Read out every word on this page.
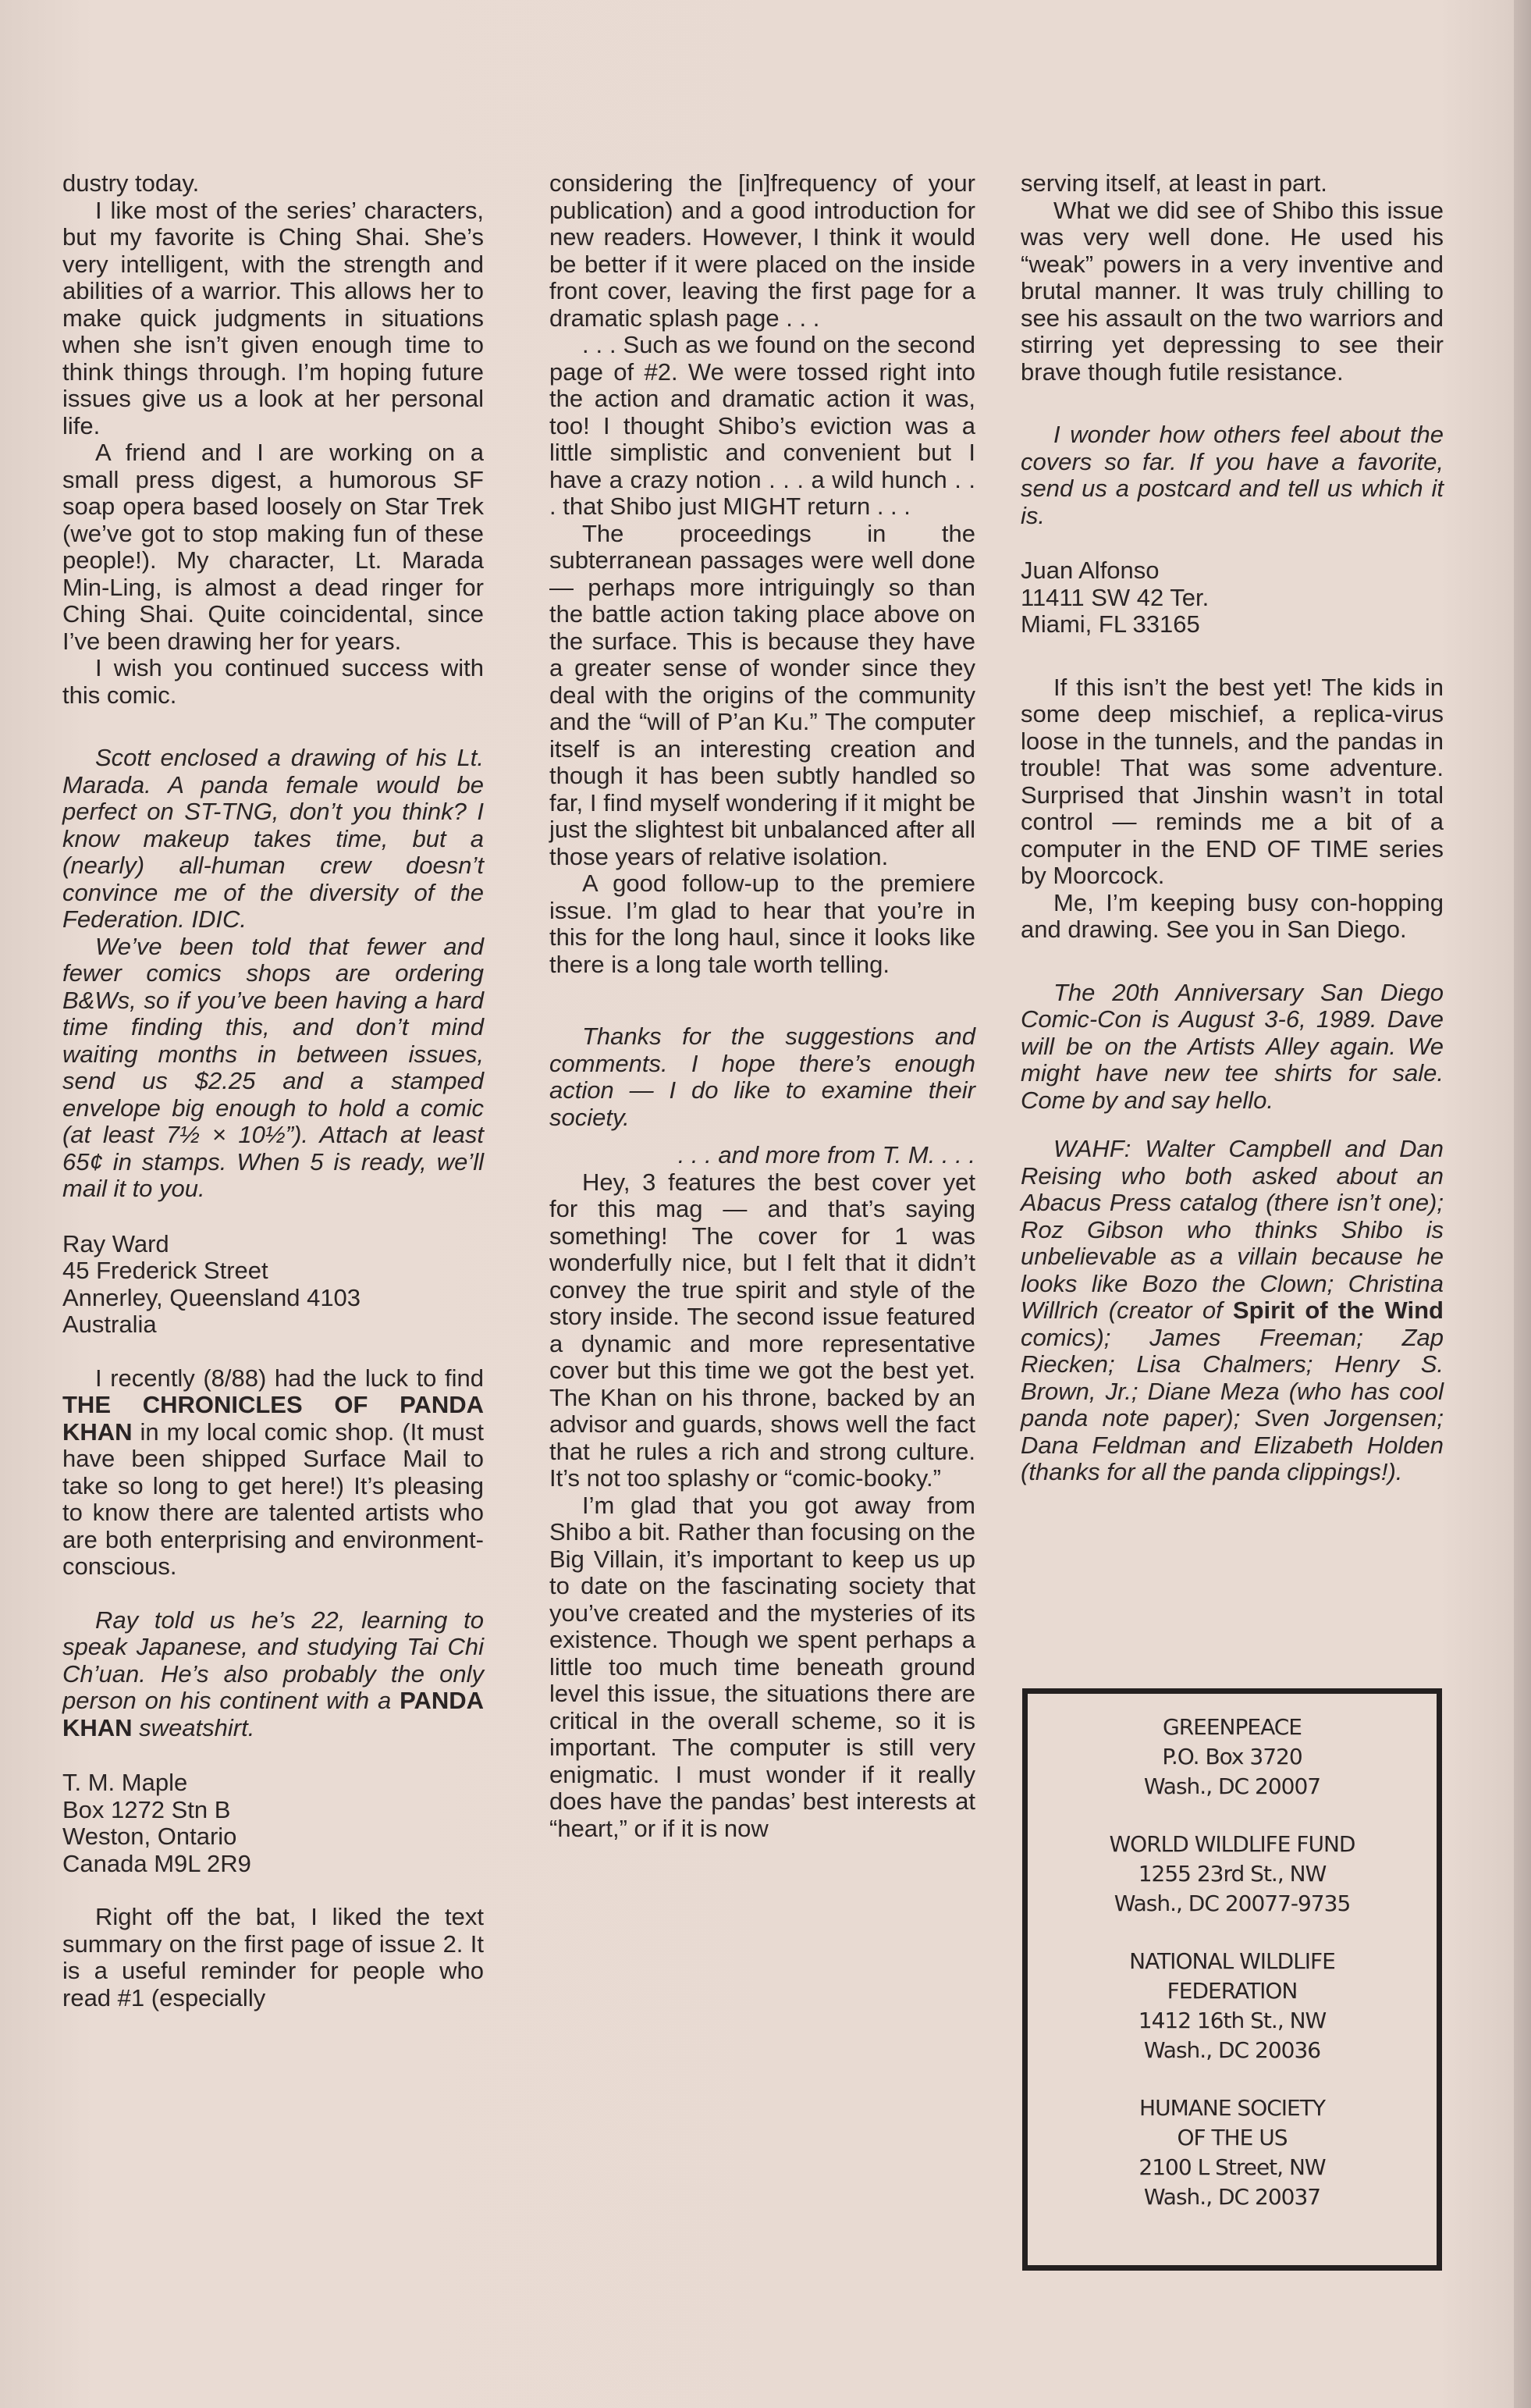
dustry today.

I like most of the series’ characters, but my favorite is Ching Shai. She’s very intelligent, with the strength and abilities of a warrior. This allows her to make quick judgments in situations when she isn’t given enough time to think things through. I’m hoping future issues give us a look at her personal life.

A friend and I are working on a small press digest, a humorous SF soap opera based loosely on Star Trek (we’ve got to stop making fun of these people!). My character, Lt. Marada Min-Ling, is almost a dead ringer for Ching Shai. Quite coincidental, since I’ve been drawing her for years.

I wish you continued success with this comic.

Scott enclosed a drawing of his Lt. Marada. A panda female would be perfect on ST-TNG, don’t you think? I know makeup takes time, but a (nearly) all-human crew doesn’t convince me of the diversity of the Federation. IDIC.

We’ve been told that fewer and fewer comics shops are ordering B&Ws, so if you’ve been having a hard time finding this, and don’t mind waiting months in between issues, send us $2.25 and a stamped envelope big enough to hold a comic (at least 7½ × 10½”). Attach at least 65¢ in stamps. When 5 is ready, we’ll mail it to you.

Ray Ward

45 Frederick Street

Annerley, Queensland 4103

Australia

I recently (8/88) had the luck to find THE CHRONICLES OF PANDA KHAN in my local comic shop. (It must have been shipped Surface Mail to take so long to get here!) It’s pleasing to know there are talented artists who are both enterprising and environment-conscious.

Ray told us he’s 22, learning to speak Japanese, and studying Tai Chi Ch’uan. He’s also probably the only person on his continent with a PANDA KHAN sweatshirt.

T. M. Maple

Box 1272 Stn B

Weston, Ontario

Canada M9L 2R9

Right off the bat, I liked the text summary on the first page of issue 2. It is a useful reminder for people who read #1 (especially

considering the [in]frequency of your publication) and a good introduction for new readers. However, I think it would be better if it were placed on the inside front cover, leaving the first page for a dramatic splash page . . .

. . . Such as we found on the second page of #2. We were tossed right into the action and dramatic action it was, too! I thought Shibo’s eviction was a little simplistic and convenient but I have a crazy notion . . . a wild hunch . . . that Shibo just MIGHT return . . .

The proceedings in the subterranean passages were well done — perhaps more intriguingly so than the battle action taking place above on the surface. This is because they have a greater sense of wonder since they deal with the origins of the community and the “will of P’an Ku.” The computer itself is an interesting creation and though it has been subtly handled so far, I find myself wondering if it might be just the slightest bit unbalanced after all those years of relative isolation.

A good follow-up to the premiere issue. I’m glad to hear that you’re in this for the long haul, since it looks like there is a long tale worth telling.

Thanks for the suggestions and comments. I hope there’s enough action — I do like to examine their society.

. . . and more from T. M. . . .

Hey, 3 features the best cover yet for this mag — and that’s saying something! The cover for 1 was wonderfully nice, but I felt that it didn’t convey the true spirit and style of the story inside. The second issue featured a dynamic and more representative cover but this time we got the best yet. The Khan on his throne, backed by an advisor and guards, shows well the fact that he rules a rich and strong culture. It’s not too splashy or “comic-booky.”

I’m glad that you got away from Shibo a bit. Rather than focusing on the Big Villain, it’s important to keep us up to date on the fascinating society that you’ve created and the mysteries of its existence. Though we spent perhaps a little too much time beneath ground level this issue, the situations there are critical in the overall scheme, so it is important. The computer is still very enigmatic. I must wonder if it really does have the pandas’ best interests at “heart,” or if it is now

serving itself, at least in part.

What we did see of Shibo this issue was very well done. He used his “weak” powers in a very inventive and brutal manner. It was truly chilling to see his assault on the two warriors and stirring yet depressing to see their brave though futile resistance.

I wonder how others feel about the covers so far. If you have a favorite, send us a postcard and tell us which it is.

Juan Alfonso

11411 SW 42 Ter.

Miami, FL 33165

If this isn’t the best yet! The kids in some deep mischief, a replica-virus loose in the tunnels, and the pandas in trouble! That was some adventure. Surprised that Jinshin wasn’t in total control — reminds me a bit of a computer in the END OF TIME series by Moorcock.

Me, I’m keeping busy con-hopping and drawing. See you in San Diego.

The 20th Anniversary San Diego Comic-Con is August 3-6, 1989. Dave will be on the Artists Alley again. We might have new tee shirts for sale. Come by and say hello.

WAHF: Walter Campbell and Dan Reising who both asked about an Abacus Press catalog (there isn’t one); Roz Gibson who thinks Shibo is unbelievable as a villain because he looks like Bozo the Clown; Christina Willrich (creator of Spirit of the Wind comics); James Freeman; Zap Riecken; Lisa Chalmers; Henry S. Brown, Jr.; Diane Meza (who has cool panda note paper); Sven Jorgensen; Dana Feldman and Elizabeth Holden (thanks for all the panda clippings!).

GREENPEACE
P.O. Box 3720
Wash., DC 20007
WORLD WILDLIFE FUND
1255 23rd St., NW
Wash., DC 20077-9735
NATIONAL WILDLIFE
FEDERATION
1412 16th St., NW
Wash., DC 20036
HUMANE SOCIETY
OF THE US
2100 L Street, NW
Wash., DC 20037
